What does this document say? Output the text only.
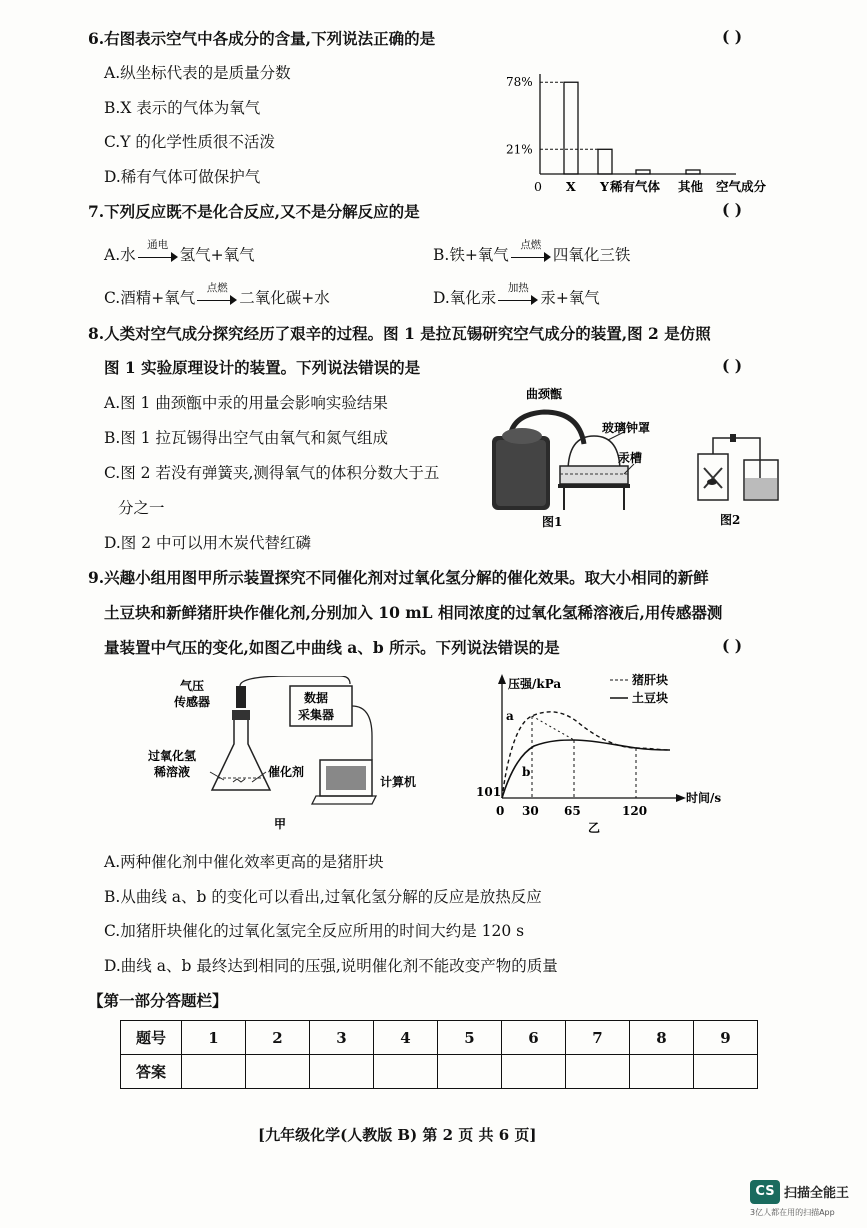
6.右图表示空气中各成分的含量,下列说法正确的是	( )
A.纵坐标代表的是质量分数
B.X 表示的气体为氧气
C.Y 的化学性质很不活泼
D.稀有气体可做保护气
78%
21%
0 X Y 稀有气体 其他 空气成分
7.下列反应既不是化合反应,又不是分解反应的是	( )
A.水
通电
氢气+氧气	B.铁+氧气
点燃
四氧化三铁
C.酒精+氧气
点燃
二氧化碳+水	D.氧化汞
加热
汞+氧气
8.人类对空气成分探究经历了艰辛的过程。图 1 是拉瓦锡研究空气成分的装置,图 2 是仿照
图 1 实验原理设计的装置。下列说法错误的是	( )
A.图 1 曲颈甑中汞的用量会影响实验结果
B.图 1 拉瓦锡得出空气由氧气和氮气组成
C.图 2 若没有弹簧夹,测得氧气的体积分数大于五
分之一
D.图 2 中可以用木炭代替红磷
曲颈甑
玻璃钟罩
汞槽
图1	图2
9.兴趣小组用图甲所示装置探究不同催化剂对过氧化氢分解的催化效果。取大小相同的新鲜
土豆块和新鲜猪肝块作催化剂,分别加入 10 mL 相同浓度的过氧化氢稀溶液后,用传感器测
量装置中气压的变化,如图乙中曲线 a、b 所示。下列说法错误的是	( )
气压
传感器	数据
采集器
过氧化氢
稀溶液	催化剂
计算机
甲
压强/kPa
时间/s
猪肝块
土豆块
a
b
101
0 30 65	120
乙
A.两种催化剂中催化效率更高的是猪肝块
B.从曲线 a、b 的变化可以看出,过氧化氢分解的反应是放热反应
C.加猪肝块催化的过氧化氢完全反应所用的时间大约是 120 s
D.曲线 a、b 最终达到相同的压强,说明催化剂不能改变产物的质量
【第一部分答题栏】
题号	1	2	3	4	5	6	7	8	9
答案									
[九年级化学(人教版 B) 第 2 页 共 6 页]
CS 扫描全能王
3亿人都在用的扫描App
